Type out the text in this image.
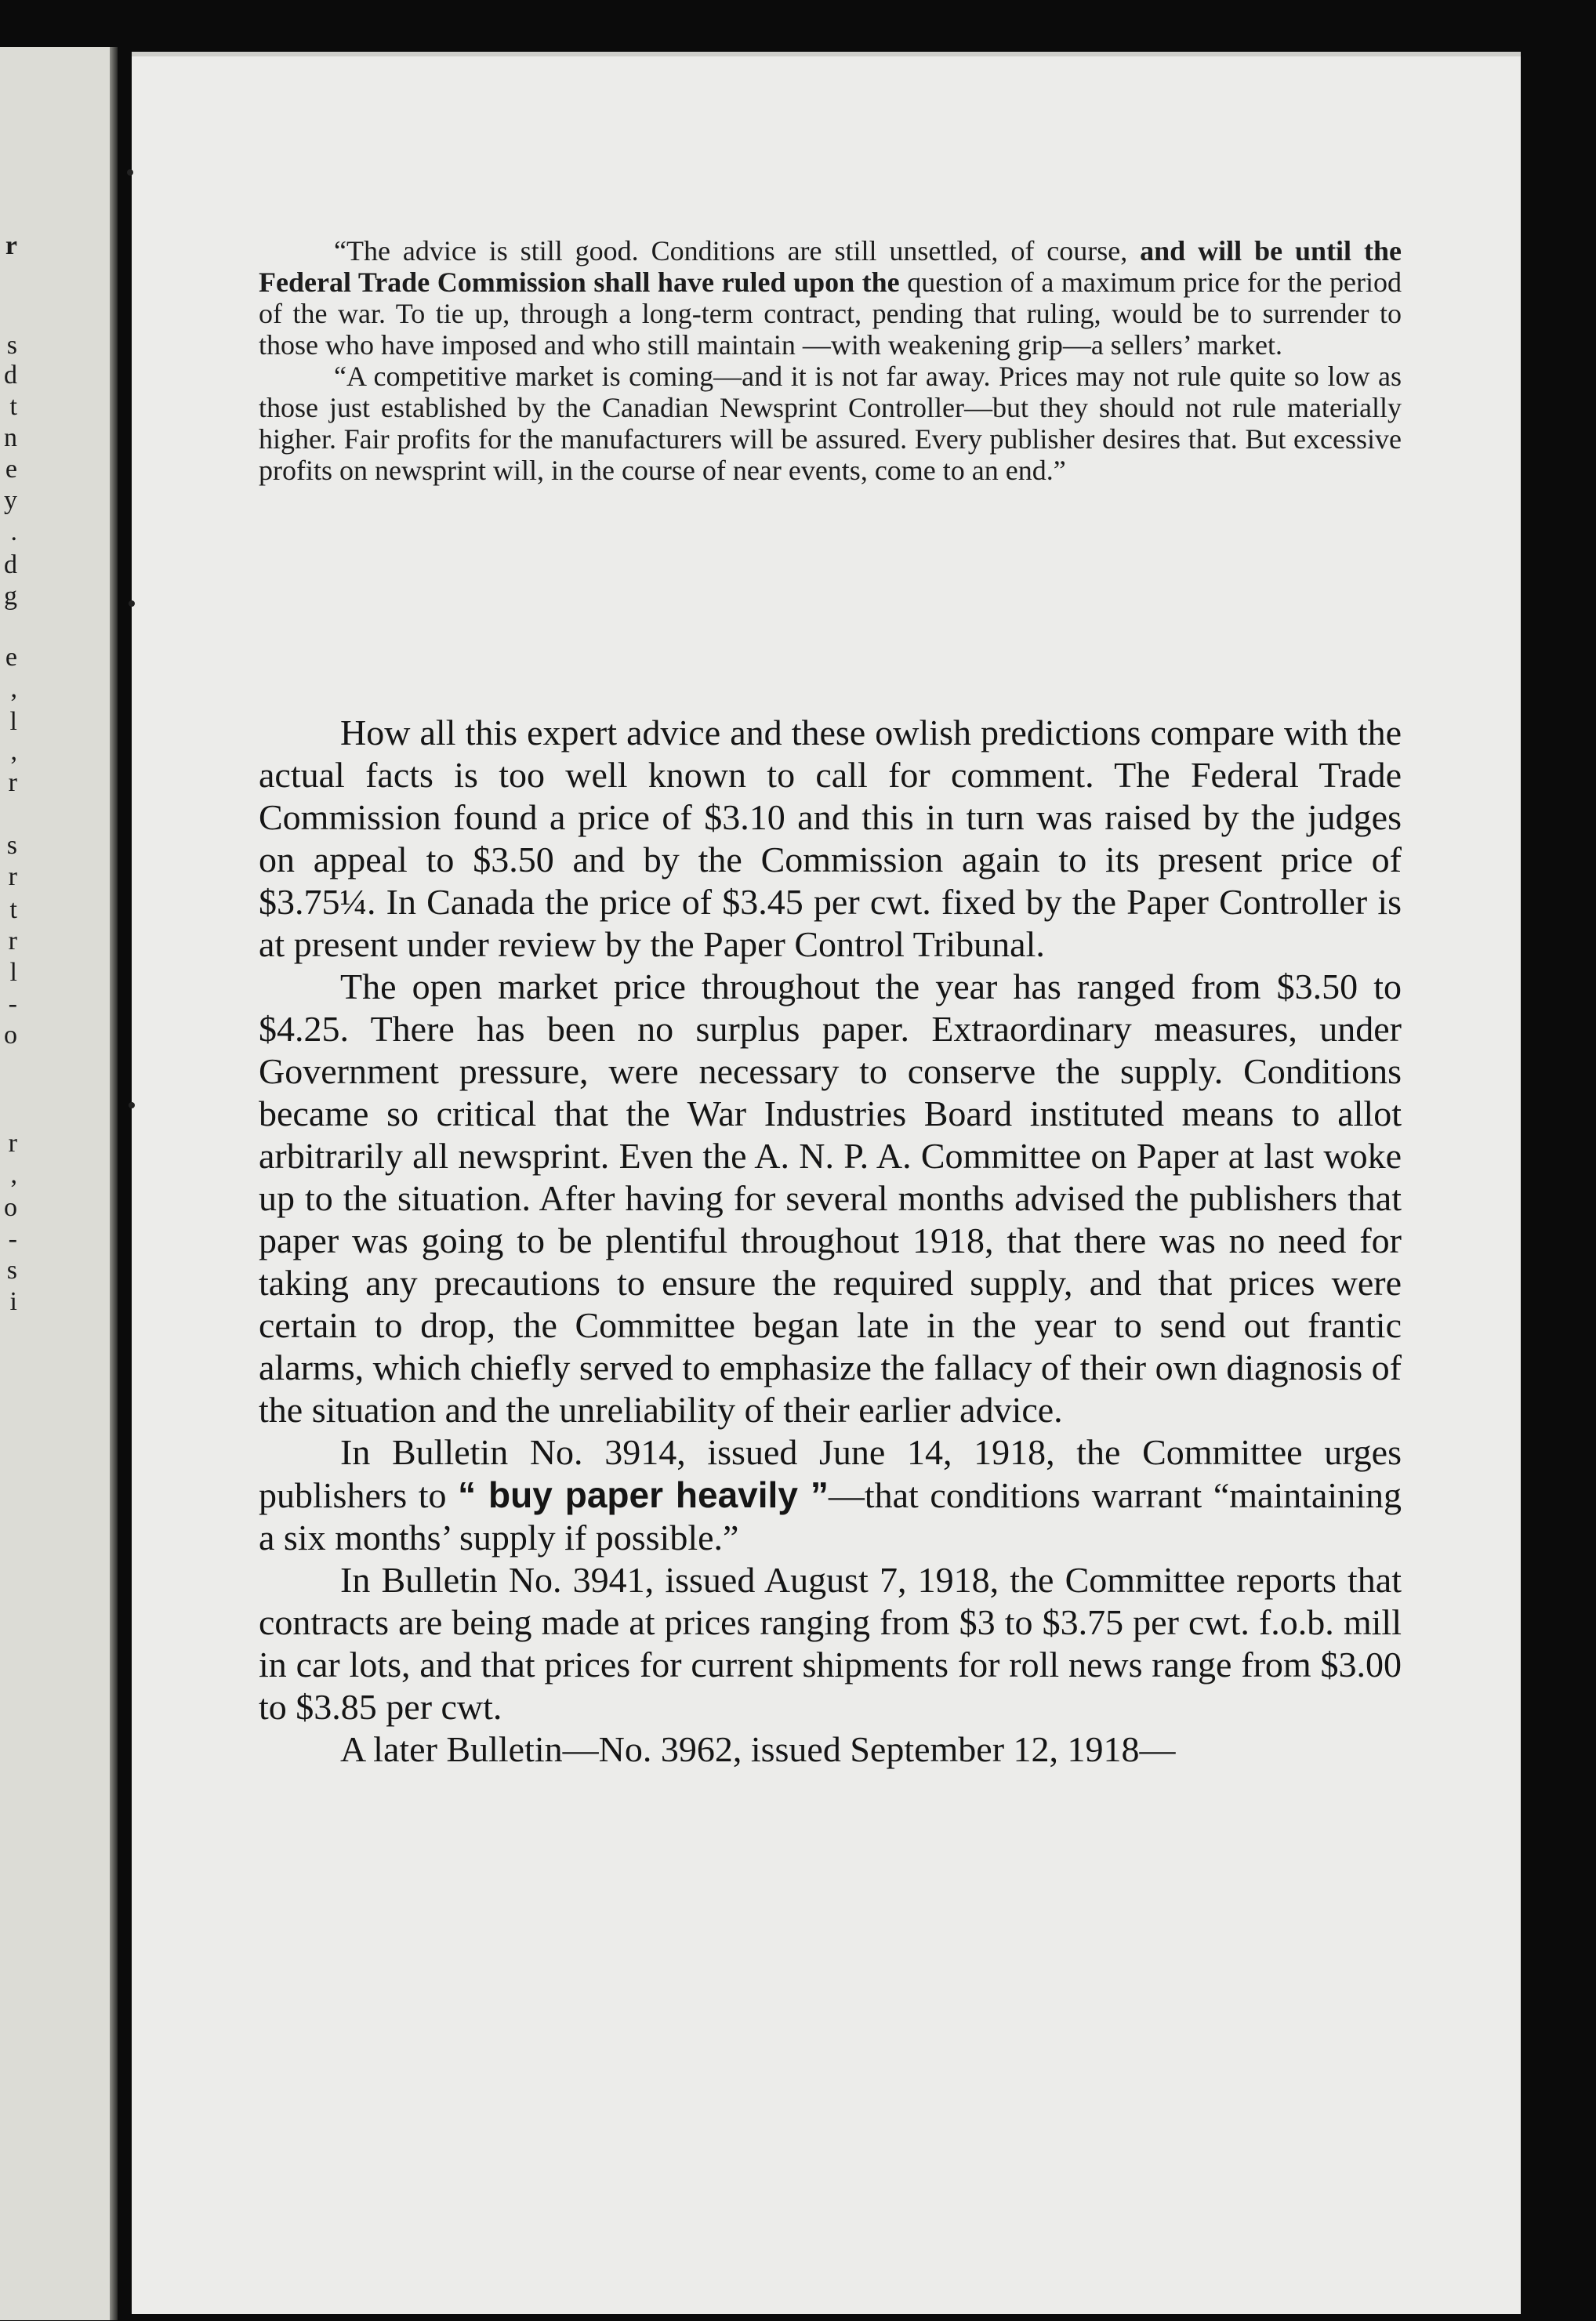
r
s
d
t
n
e
y
.
d
g
e
,
l
,
r
s
r
t
r
l
-
o
r
,
o
-
s
i

“The advice is still good. Conditions are still unsettled, of course, and will be until the Federal Trade Commission shall have ruled upon the question of a maximum price for the period of the war. To tie up, through a long-term contract, pending that ruling, would be to surrender to those who have imposed and who still maintain —with weakening grip—a sellers’ market.

“A competitive market is coming—and it is not far away. Prices may not rule quite so low as those just established by the Canadian Newsprint Controller—but they should not rule materially higher. Fair profits for the manufacturers will be assured. Every publisher desires that. But excessive profits on newsprint will, in the course of near events, come to an end.”

How all this expert advice and these owlish predictions compare with the actual facts is too well known to call for comment. The Federal Trade Commission found a price of $3.10 and this in turn was raised by the judges on appeal to $3.50 and by the Commission again to its present price of $3.75¼. In Canada the price of $3.45 per cwt. fixed by the Paper Controller is at present under review by the Paper Control Tribunal.

The open market price throughout the year has ranged from $3.50 to $4.25. There has been no surplus paper. Extraordinary measures, under Government pressure, were necessary to conserve the supply. Conditions became so critical that the War Industries Board instituted means to allot arbitrarily all newsprint. Even the A. N. P. A. Committee on Paper at last woke up to the situation. After having for several months advised the publishers that paper was going to be plentiful throughout 1918, that there was no need for taking any precautions to ensure the required supply, and that prices were certain to drop, the Committee began late in the year to send out frantic alarms, which chiefly served to emphasize the fallacy of their own diagnosis of the situation and the unreliability of their earlier advice.

In Bulletin No. 3914, issued June 14, 1918, the Committee urges publishers to “ buy paper heavily ”—that conditions warrant “maintaining a six months’ supply if possible.”

In Bulletin No. 3941, issued August 7, 1918, the Committee reports that contracts are being made at prices ranging from $3 to $3.75 per cwt. f.o.b. mill in car lots, and that prices for current shipments for roll news range from $3.00 to $3.85 per cwt.

A later Bulletin—No. 3962, issued September 12, 1918—
